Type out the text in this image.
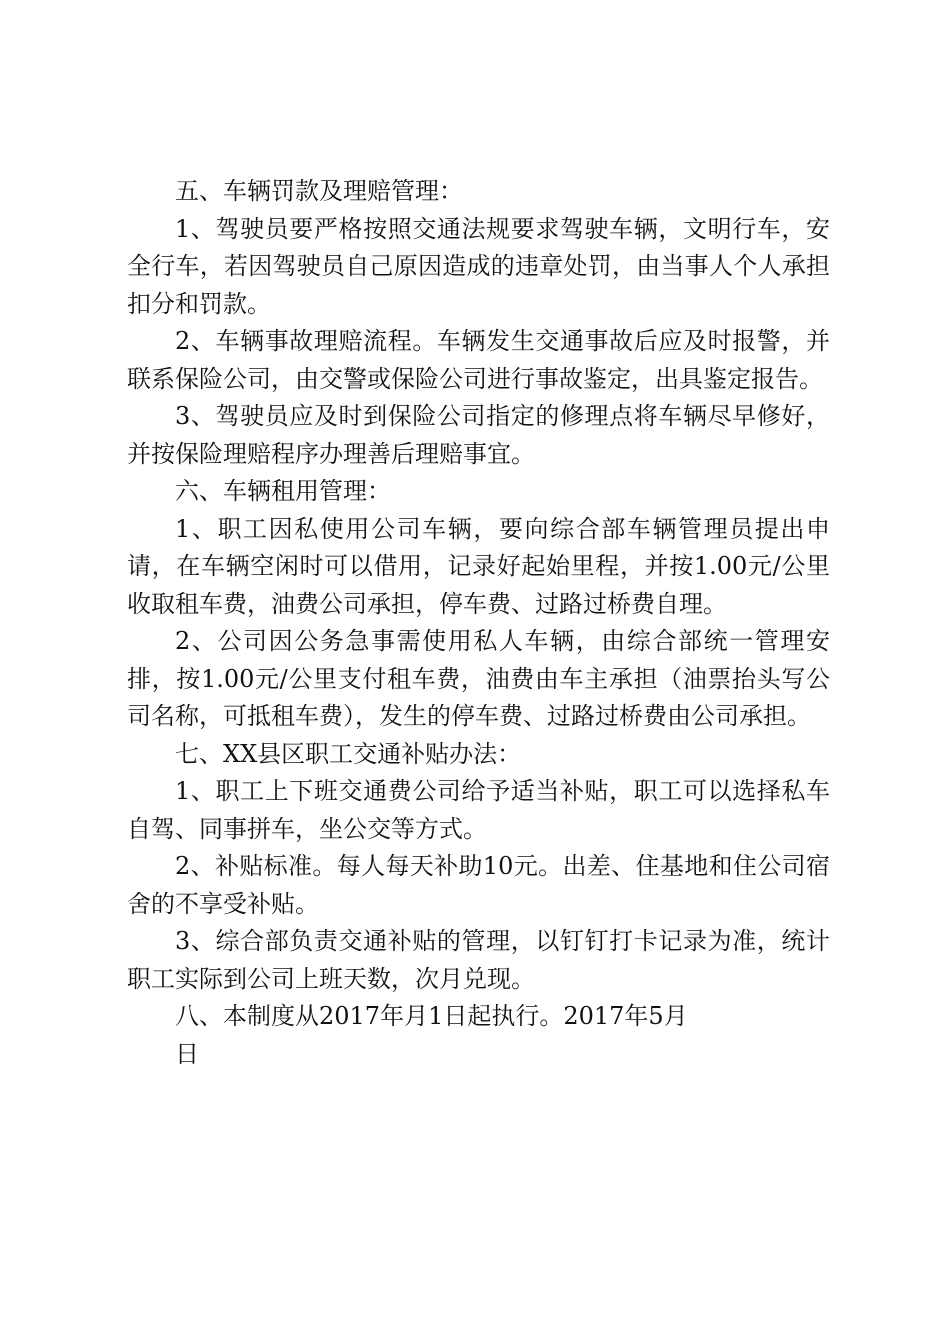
五、车辆罚款及理赔管理：

1、驾驶员要严格按照交通法规要求驾驶车辆，文明行车，安全行车，若因驾驶员自己原因造成的违章处罚，由当事人个人承担扣分和罚款。

2、车辆事故理赔流程。车辆发生交通事故后应及时报警，并联系保险公司，由交警或保险公司进行事故鉴定，出具鉴定报告。

3、驾驶员应及时到保险公司指定的修理点将车辆尽早修好，并按保险理赔程序办理善后理赔事宜。

六、车辆租用管理：

1、职工因私使用公司车辆，要向综合部车辆管理员提出申请，在车辆空闲时可以借用，记录好起始里程，并按1.00元/公里收取租车费，油费公司承担，停车费、过路过桥费自理。

2、公司因公务急事需使用私人车辆，由综合部统一管理安排，按1.00元/公里支付租车费，油费由车主承担（油票抬头写公司名称，可抵租车费），发生的停车费、过路过桥费由公司承担。

七、XX县区职工交通补贴办法：

1、职工上下班交通费公司给予适当补贴，职工可以选择私车自驾、同事拼车，坐公交等方式。

2、补贴标准。每人每天补助10元。出差、住基地和住公司宿舍的不享受补贴。

3、综合部负责交通补贴的管理，以钉钉打卡记录为准，统计职工实际到公司上班天数，次月兑现。

八、本制度从2017年月1日起执行。2017年5月

日
